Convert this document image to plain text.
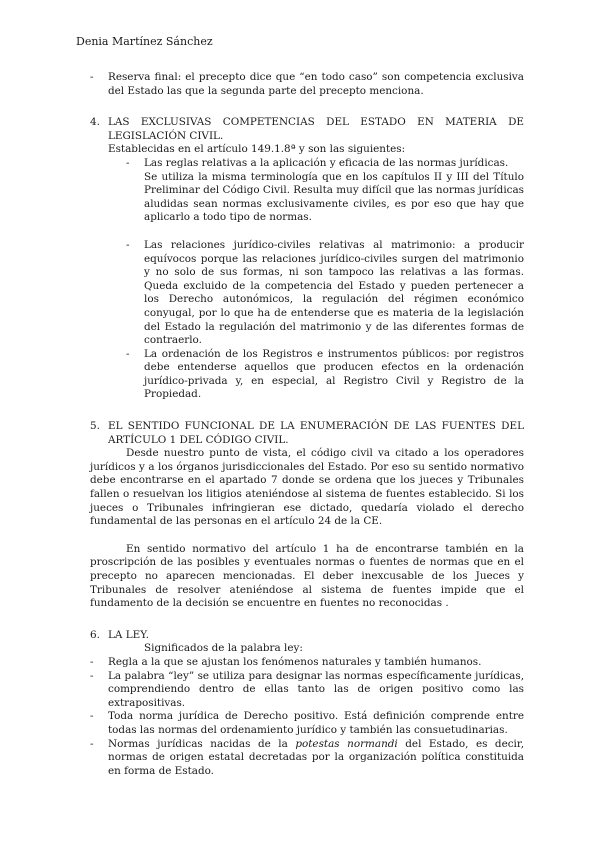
Denia Martínez Sánchez

- Reserva final: el precepto dice que “en todo caso” son competencia exclusiva del Estado las que la segunda parte del precepto menciona.

4. LAS EXCLUSIVAS COMPETENCIAS DEL ESTADO EN MATERIA DE LEGISLACIÓN CIVIL.

Establecidas en el artículo 149.1.8ª y son las siguientes:

- Las reglas relativas a la aplicación y eficacia de las normas jurídicas.

Se utiliza la misma terminología que en los capítulos II y III del Título Preliminar del Código Civil. Resulta muy difícil que las normas jurídicas aludidas sean normas exclusivamente civiles, es por eso que hay que aplicarlo a todo tipo de normas.

- Las relaciones jurídico-civiles relativas al matrimonio: a producir equívocos porque las relaciones jurídico-civiles surgen del matrimonio y no solo de sus formas, ni son tampoco las relativas a las formas. Queda excluido de la competencia del Estado y pueden pertenecer a los Derecho autonómicos, la regulación del régimen económico conyugal, por lo que ha de entenderse que es materia de la legislación del Estado la regulación del matrimonio y de las diferentes formas de contraerlo.

- La ordenación de los Registros e instrumentos públicos: por registros debe entenderse aquellos que producen efectos en la ordenación jurídico-privada y, en especial, al Registro Civil y Registro de la Propiedad.

5. EL SENTIDO FUNCIONAL DE LA ENUMERACIÓN DE LAS FUENTES DEL ARTÍCULO 1 DEL CÓDIGO CIVIL.

Desde nuestro punto de vista, el código civil va citado a los operadores jurídicos y a los órganos jurisdiccionales del Estado. Por eso su sentido normativo debe encontrarse en el apartado 7 donde se ordena que los jueces y Tribunales fallen o resuelvan los litigios ateniéndose al sistema de fuentes establecido. Si los jueces o Tribunales infringieran ese dictado, quedaría violado el derecho fundamental de las personas en el artículo 24 de la CE.

En sentido normativo del artículo 1 ha de encontrarse también en la proscripción de las posibles y eventuales normas o fuentes de normas que en el precepto no aparecen mencionadas. El deber inexcusable de los Jueces y Tribunales de resolver ateniéndose al sistema de fuentes impide que el fundamento de la decisión se encuentre en fuentes no reconocidas .

6. LA LEY.

Significados de la palabra ley:

- Regla a la que se ajustan los fenómenos naturales y también humanos.

- La palabra “ley” se utiliza para designar las normas específicamente jurídicas, comprendiendo dentro de ellas tanto las de origen positivo como las extrapositivas.

- Toda norma jurídica de Derecho positivo. Está definición comprende entre todas las normas del ordenamiento jurídico y también las consuetudinarias.

- Normas jurídicas nacidas de la potestas normandi del Estado, es decir, normas de origen estatal decretadas por la organización política constituida en forma de Estado.
